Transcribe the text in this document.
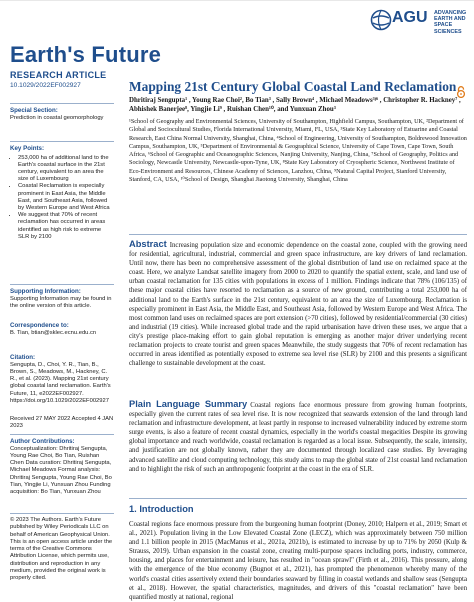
Earth's Future
AGU ADVANCING EARTH AND SPACE SCIENCES
RESEARCH ARTICLE
10.1029/2022EF002927
Special Section:
Prediction in coastal geomorphology
Key Points:
• 253,000 ha of additional land to the Earth's coastal surface in the 21st century, equivalent to an area the size of Luxembourg
• Coastal Reclamation is especially prominent in East Asia, the Middle East, and Southeast Asia, followed by Western Europe and West Africa
• We suggest that 70% of recent reclamation has occurred in areas identified as high risk to extreme SLR by 2100
Supporting Information:
Supporting Information may be found in the online version of this article.
Correspondence to:
B. Tian, btian@sklec.ecnu.edu.cn
Citation:
Sengupta, D., Choi, Y. R., Tian, B., Brown, S., Meadows, M., Hackney, C. R., et al. (2023). Mapping 21st century global coastal land reclamation. Earth's Future, 11, e2022EF002927. https://doi.org/10.1029/2022EF002927
Received 27 MAY 2022 Accepted 4 JAN 2023
Author Contributions:
Conceptualization: Dhritiraj Sengupta, Young Rae Choi, Bo Tian, Ruishan Chen Data curation: Dhritiraj Sengupta, Michael Meadows Formal analysis: Dhritiraj Sengupta, Young Rae Choi, Bo Tian, Yingjie Li, Yunxuan Zhou Funding acquisition: Bo Tian, Yunxuan Zhou
© 2023 The Authors. Earth's Future published by Wiley Periodicals LLC on behalf of American Geophysical Union. This is an open access article under the terms of the Creative Commons Attribution License, which permits use, distribution and reproduction in any medium, provided the original work is properly cited.
Mapping 21st Century Global Coastal Land Reclamation
Dhritiraj Sengupta¹ , Young Rae Choi², Bo Tian³ , Sally Brown⁴ , Michael Meadows³ʲ⁶ , Christopher R. Hackney⁷ , Abhishek Banerjee⁸, Yingjie Li⁹ , Ruishan Chen¹⁰, and Yunxuan Zhou³
¹School of Geography and Environmental Sciences, University of Southampton, Highfield Campus, Southampton, UK, ²Department of Global and Sociocultural Studies, Florida International University, Miami, FL, USA, ³State Key Laboratory of Estuarine and Coastal Research, East China Normal University, Shanghai, China, ⁴School of Engineering, University of Southampton, Boldrewood Innovation Campus, Southampton, UK, ⁵Department of Environmental & Geographical Science, University of Cape Town, Cape Town, South Africa, ⁶School of Geographic and Oceanographic Sciences, Nanjing University, Nanjing, China, ⁷School of Geography, Politics and Sociology, Newcastle University, Newcastle-upon-Tyne, UK, ⁸State Key Laboratory of Cryospheric Science, Northwest Institute of Eco-Environment and Resources, Chinese Academy of Sciences, Lanzhou, China, ⁹Natural Capital Project, Stanford University, Stanford, CA, USA, ¹⁰School of Design, Shanghai Jiaotong University, Shanghai, China
Abstract Increasing population size and economic dependence on the coastal zone, coupled with the growing need for residential, agricultural, industrial, commercial and green space infrastructure, are key drivers of land reclamation. Until now, there has been no comprehensive assessment of the global distribution of land use on reclaimed space at the coast. Here, we analyze Landsat satellite imagery from 2000 to 2020 to quantify the spatial extent, scale, and land use of urban coastal reclamation for 135 cities with populations in excess of 1 million. Findings indicate that 78% (106/135) of these major coastal cities have resorted to reclamation as a source of new ground, contributing a total 253,000 ha of additional land to the Earth's surface in the 21st century, equivalent to an area the size of Luxembourg. Reclamation is especially prominent in East Asia, the Middle East, and Southeast Asia, followed by Western Europe and West Africa. The most common land uses on reclaimed spaces are port extension (>70 cities), followed by residential/commercial (30 cities) and industrial (19 cities). While increased global trade and the rapid urbanisation have driven these uses, we argue that a city's prestige place-making effort to gain global reputation is emerging as another major driver underlying recent reclamation projects to create tourist and green spaces Meanwhile, the study suggests that 70% of recent reclamation has occurred in areas identified as potentially exposed to extreme sea level rise (SLR) by 2100 and this presents a significant challenge to sustainable development at the coast.
Plain Language Summary Coastal regions face enormous pressure from growing human footprints, especially given the current rates of sea level rise. It is now recognized that seawards extension of the land through land reclamation and infrastructure development, at least partly in response to increased vulnerability induced by extreme storm surge events, is also a feature of recent coastal dynamics, especially in the world's coastal megacities Despite its growing global importance and reach worldwide, coastal reclamation is regarded as a local issue. Subsequently, the scale, intensity, and justification are not globally known, rather they are documented through localized case studies. By leveraging advanced satellite and cloud computing technology, this study aims to map the global state of 21st coastal land reclamation and to highlight the risk of such an anthropogenic footprint at the coast in the era of SLR.
1. Introduction
Coastal regions face enormous pressure from the burgeoning human footprint (Doney, 2010; Halpern et al., 2019; Smart et al., 2021). Population living in the Low Elevated Coastal Zone (LECZ), which was approximately between 750 million and 1.1 billion people in 2015 (MacManus et al., 2021a, 2021b), is estimated to increase by up to 71% by 2050 (Kulp & Strauss, 2019). Urban expansion in the coastal zone, creating multi-purpose spaces including ports, industry, commerce, housing, and places for entertainment and leisure, has resulted in "ocean sprawl" (Firth et al., 2016). This pressure, along with the emergence of the blue economy (Bugnot et al., 2021), has prompted the phenomenon whereby many of the world's coastal cities assertively extend their boundaries seaward by filling in coastal wetlands and shallow seas (Sengupta et al., 2018). However, the spatial characteristics, magnitudes, and drivers of this "coastal reclamation" have been quantified mostly at national, regional
